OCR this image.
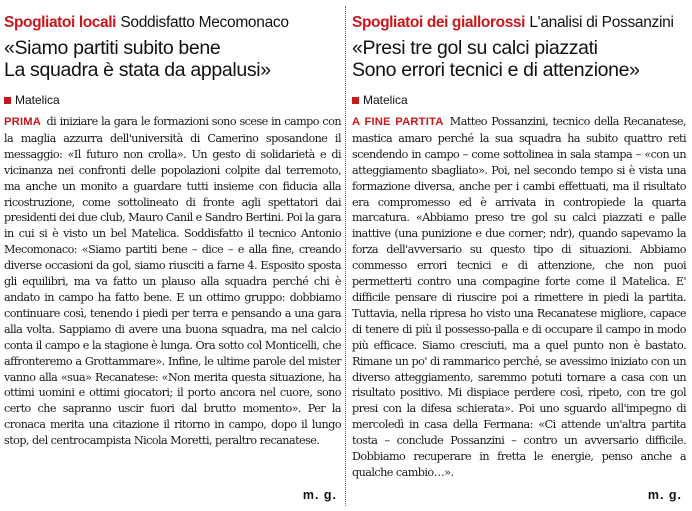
Spogliatoi locali Soddisfatto Mecomonaco
«Siamo partiti subito bene
La squadra è stata da appalusi»
Matelica
PRIMA di iniziare la gara le formazioni sono scese in campo con la maglia azzurra dell'università di Camerino sposandone il messaggio: «Il futuro non crolla». Un gesto di solidarietà e di vicinanza nei confronti delle popolazioni colpite dal terremoto, ma anche un monito a guardare tutti insieme con fiducia alla ricostruzione, come sottolineato di fronte agli spettatori dai presidenti dei due club, Mauro Canil e Sandro Bertini. Poi la gara in cui si è visto un bel Matelica. Soddisfatto il tecnico Antonio Mecomonaco: «Siamo partiti bene – dice – e alla fine, creando diverse occasioni da gol, siamo riusciti a farne 4. Esposito sposta gli equilibri, ma va fatto un plauso alla squadra perché chi è andato in campo ha fatto bene. E un ottimo gruppo: dobbiamo continuare così, tenendo i piedi per terra e pensando a una gara alla volta. Sappiamo di avere una buona squadra, ma nel calcio conta il campo e la stagione è lunga. Ora sotto col Monticelli, che affronteremo a Grottammare». Infine, le ultime parole del mister vanno alla «sua» Recanatese: «Non merita questa situazione, ha ottimi uomini e ottimi giocatori; il porto ancora nel cuore, sono certo che sapranno uscir fuori dal brutto momento». Per la cronaca merita una citazione il ritorno in campo, dopo il lungo stop, del centrocampista Nicola Moretti, peraltro recanatese.
m. g.
Spogliatoi dei giallorossi L'analisi di Possanzini
«Presi tre gol su calci piazzati
Sono errori tecnici e di attenzione»
Matelica
A FINE PARTITA Matteo Possanzini, tecnico della Recanatese, mastica amaro perché la sua squadra ha subito quattro reti scendendo in campo – come sottolinea in sala stampa – «con un atteggiamento sbagliato». Poi, nel secondo tempo si è vista una formazione diversa, anche per i cambi effettuati, ma il risultato era compromesso ed è arrivata in contropiede la quarta marcatura. «Abbiamo preso tre gol su calci piazzati e palle inattive (una punizione e due corner; ndr), quando sapevamo la forza dell'avversario su questo tipo di situazioni. Abbiamo commesso errori tecnici e di attenzione, che non puoi permetterti contro una compagine forte come il Matelica. E' difficile pensare di riuscire poi a rimettere in piedi la partita. Tuttavia, nella ripresa ho visto una Recanatese migliore, capace di tenere di più il possesso-palla e di occupare il campo in modo più efficace. Siamo cresciuti, ma a quel punto non è bastato. Rimane un po' di rammarico perché, se avessimo iniziato con un diverso atteggiamento, saremmo potuti tornare a casa con un risultato positivo. Mi dispiace perdere così, ripeto, con tre gol presi con la difesa schierata». Poi uno sguardo all'impegno di mercoledì in casa della Fermana: «Ci attende un'altra partita tosta – conclude Possanzini – contro un avversario difficile. Dobbiamo recuperare in fretta le energie, penso anche a qualche cambio…».
m. g.
